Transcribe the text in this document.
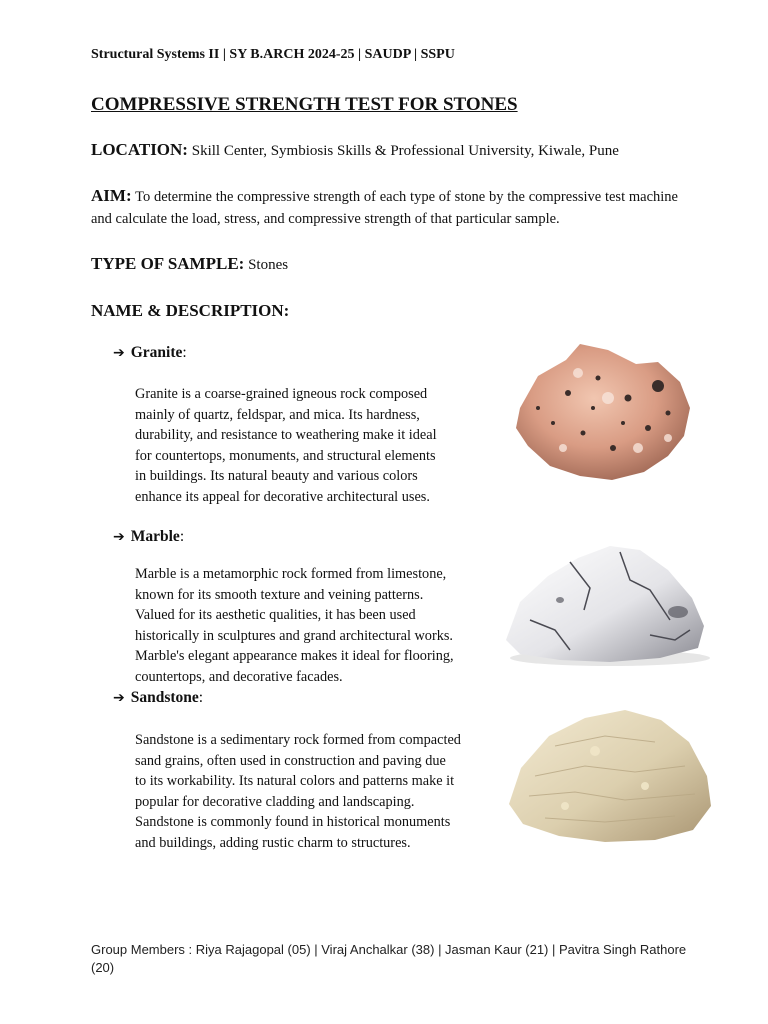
Structural Systems II | SY B.ARCH 2024-25 | SAUDP | SSPU
COMPRESSIVE STRENGTH TEST FOR STONES
LOCATION: Skill Center, Symbiosis Skills & Professional University, Kiwale, Pune
AIM: To determine the compressive strength of each type of stone by the compressive test machine and calculate the load, stress, and compressive strength of that particular sample.
TYPE OF SAMPLE: Stones
NAME & DESCRIPTION:
➔ Granite:

Granite is a coarse-grained igneous rock composed

mainly of quartz, feldspar, and mica. Its hardness,

durability, and resistance to weathering make it ideal

for countertops, monuments, and structural elements

in buildings. Its natural beauty and various colors

enhance its appeal for decorative architectural uses.

➔ Marble:

Marble is a metamorphic rock formed from limestone,

known for its smooth texture and veining patterns.

Valued for its aesthetic qualities, it has been used

historically in sculptures and grand architectural works.

Marble's elegant appearance makes it ideal for flooring,

countertops, and decorative facades.

➔ Sandstone:

Sandstone is a sedimentary rock formed from compacted

sand grains, often used in construction and paving due

to its workability. Its natural colors and patterns make it

popular for decorative cladding and landscaping.

Sandstone is commonly found in historical monuments

and buildings, adding rustic charm to structures.

Group Members : Riya Rajagopal (05) | Viraj Anchalkar (38) | Jasman Kaur (21) | Pavitra Singh Rathore (20)
